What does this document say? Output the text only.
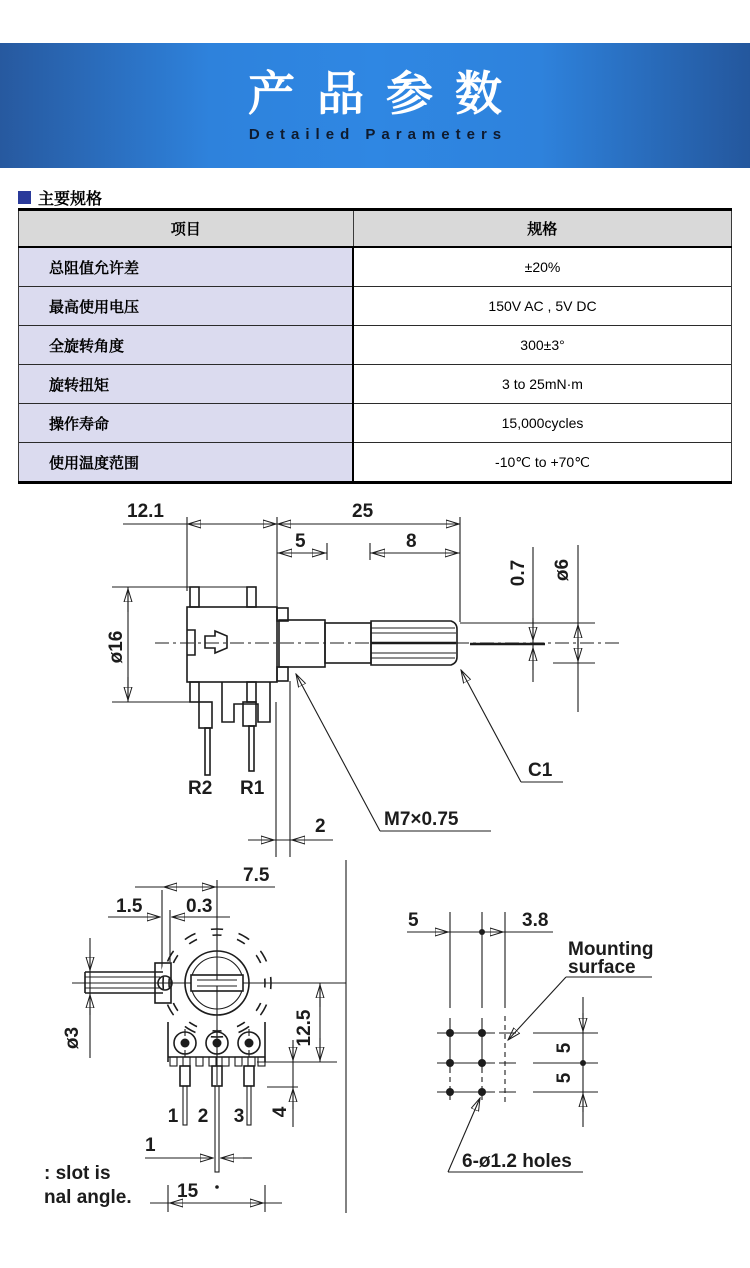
产品参数
Detailed Parameters
主要规格
项目	规格
总阻值允许差	±20%
最高使用电压	150V AC , 5V DC
全旋转角度	300±3°
旋转扭矩	3 to 25mN·m
操作寿命	15,000cycles
使用温度范围	-10℃ to +70℃
12.1	25
5	8
ø16
0.7 ø6
R2 R1
2	M7×0.75
C1
7.5
1.5 0.3
ø3
1 2 3
1
15
4
12.5
: slot is
nal angle.
5	3.8
Mounting
surface
5
5
6-ø1.2 holes
